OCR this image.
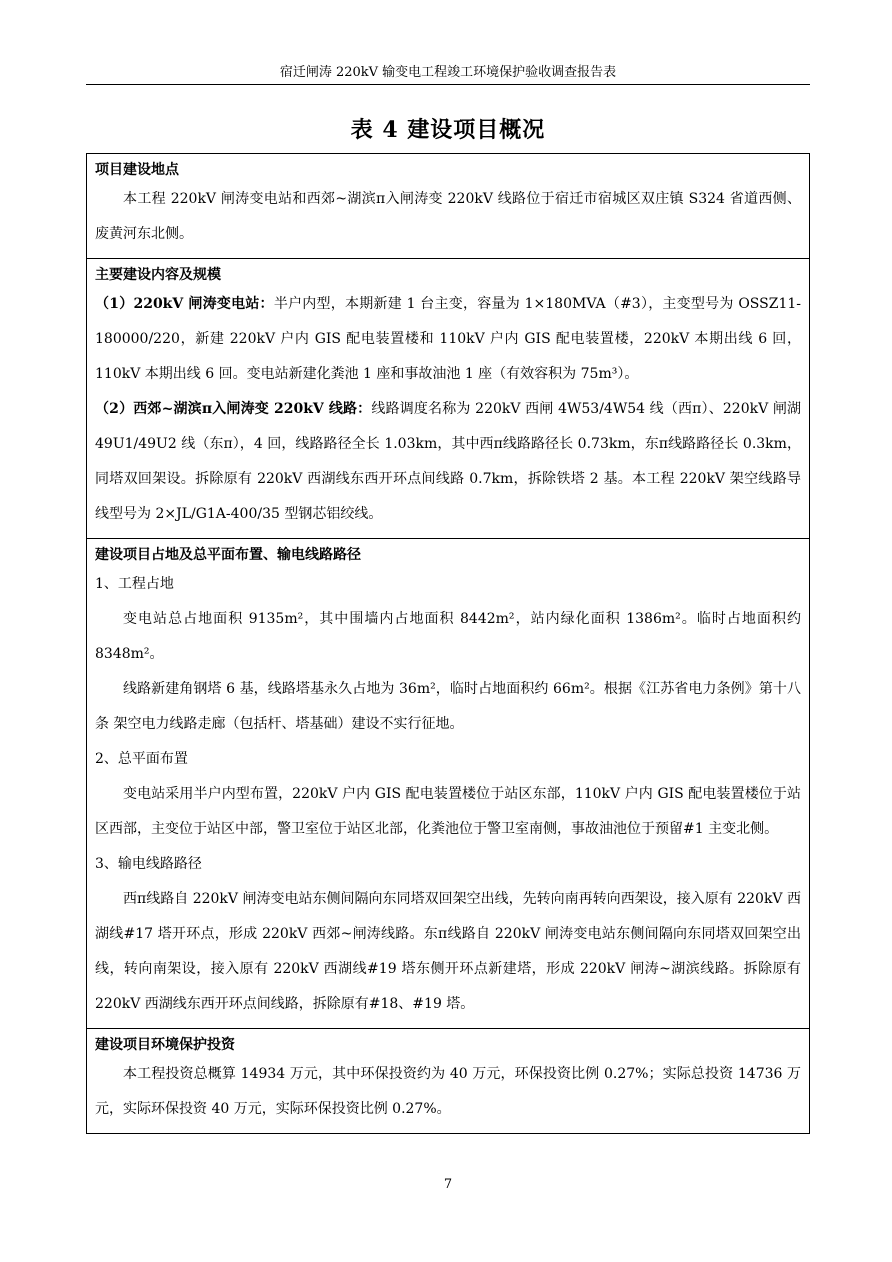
宿迁闸涛 220kV 输变电工程竣工环境保护验收调查报告表
表 4 建设项目概况

项目建设地点

本工程 220kV 闸涛变电站和西郊~湖滨π入闸涛变 220kV 线路位于宿迁市宿城区双庄镇 S324 省道西侧、废黄河东北侧。

主要建设内容及规模

（1）220kV 闸涛变电站：半户内型，本期新建 1 台主变，容量为 1×180MVA（#3），主变型号为 OSSZ11-180000/220，新建 220kV 户内 GIS 配电装置楼和 110kV 户内 GIS 配电装置楼，220kV 本期出线 6 回，110kV 本期出线 6 回。变电站新建化粪池 1 座和事故油池 1 座（有效容积为 75m³）。

（2）西郊~湖滨π入闸涛变 220kV 线路：线路调度名称为 220kV 西闸 4W53/4W54 线（西π）、220kV 闸湖 49U1/49U2 线（东π），4 回，线路路径全长 1.03km，其中西π线路路径长 0.73km，东π线路路径长 0.3km，同塔双回架设。拆除原有 220kV 西湖线东西开环点间线路 0.7km，拆除铁塔 2 基。本工程 220kV 架空线路导线型号为 2×JL/G1A-400/35 型钢芯铝绞线。

建设项目占地及总平面布置、输电线路路径

1、工程占地

变电站总占地面积 9135m²，其中围墙内占地面积 8442m²，站内绿化面积 1386m²。临时占地面积约 8348m²。

线路新建角钢塔 6 基，线路塔基永久占地为 36m²，临时占地面积约 66m²。根据《江苏省电力条例》第十八条 架空电力线路走廊（包括杆、塔基础）建设不实行征地。

2、总平面布置

变电站采用半户内型布置，220kV 户内 GIS 配电装置楼位于站区东部，110kV 户内 GIS 配电装置楼位于站区西部，主变位于站区中部，警卫室位于站区北部，化粪池位于警卫室南侧，事故油池位于预留#1 主变北侧。

3、输电线路路径

西π线路自 220kV 闸涛变电站东侧间隔向东同塔双回架空出线，先转向南再转向西架设，接入原有 220kV 西湖线#17 塔开环点，形成 220kV 西郊~闸涛线路。东π线路自 220kV 闸涛变电站东侧间隔向东同塔双回架空出线，转向南架设，接入原有 220kV 西湖线#19 塔东侧开环点新建塔，形成 220kV 闸涛~湖滨线路。拆除原有 220kV 西湖线东西开环点间线路，拆除原有#18、#19 塔。

建设项目环境保护投资

本工程投资总概算 14934 万元，其中环保投资约为 40 万元，环保投资比例 0.27%；实际总投资 14736 万元，实际环保投资 40 万元，实际环保投资比例 0.27%。

7
